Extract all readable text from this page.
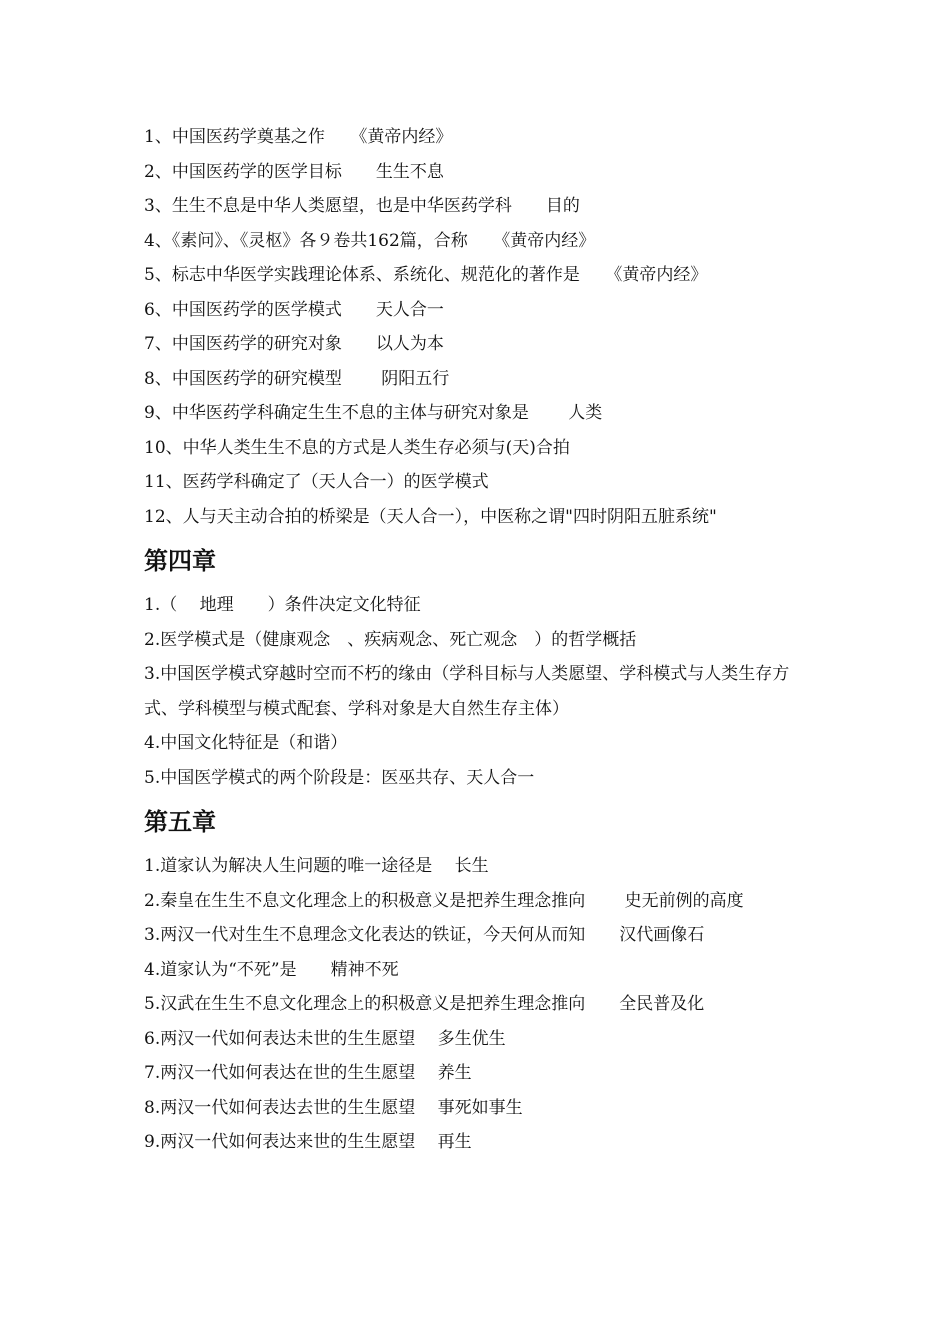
1、中国医药学奠基之作　　《黄帝内经》

2、中国医药学的医学目标　　生生不息

3、生生不息是中华人类愿望，也是中华医药学科　　目的

4、《素问》、《灵枢》各９卷共162篇，合称　　《黄帝内经》

5、标志中华医学实践理论体系、系统化、规范化的著作是　　《黄帝内经》

6、中国医药学的医学模式　　天人合一

7、中国医药学的研究对象　　以人为本

8、中国医药学的研究模型　　 阴阳五行

9、中华医药学科确定生生不息的主体与研究对象是　　 人类

10、中华人类生生不息的方式是人类生存必须与(天)合拍

11、医药学科确定了（天人合一）的医学模式

12、人与天主动合拍的桥梁是（天人合一），中医称之谓"四时阴阳五脏系统"

第四章

1.（　 地理　　）条件决定文化特征

2.医学模式是（健康观念　、疾病观念、死亡观念　）的哲学概括

3.中国医学模式穿越时空而不朽的缘由（学科目标与人类愿望、学科模式与人类生存方式、学科模型与模式配套、学科对象是大自然生存主体）

4.中国文化特征是（和谐）

5.中国医学模式的两个阶段是：医巫共存、天人合一

第五章

1.道家认为解决人生问题的唯一途径是　 长生

2.秦皇在生生不息文化理念上的积极意义是把养生理念推向　　 史无前例的高度

3.两汉一代对生生不息理念文化表达的铁证，今天何从而知　　汉代画像石

4.道家认为“不死”是　　精神不死

5.汉武在生生不息文化理念上的积极意义是把养生理念推向　　全民普及化

6.两汉一代如何表达未世的生生愿望　 多生优生

7.两汉一代如何表达在世的生生愿望　 养生

8.两汉一代如何表达去世的生生愿望　 事死如事生

9.两汉一代如何表达来世的生生愿望　 再生
